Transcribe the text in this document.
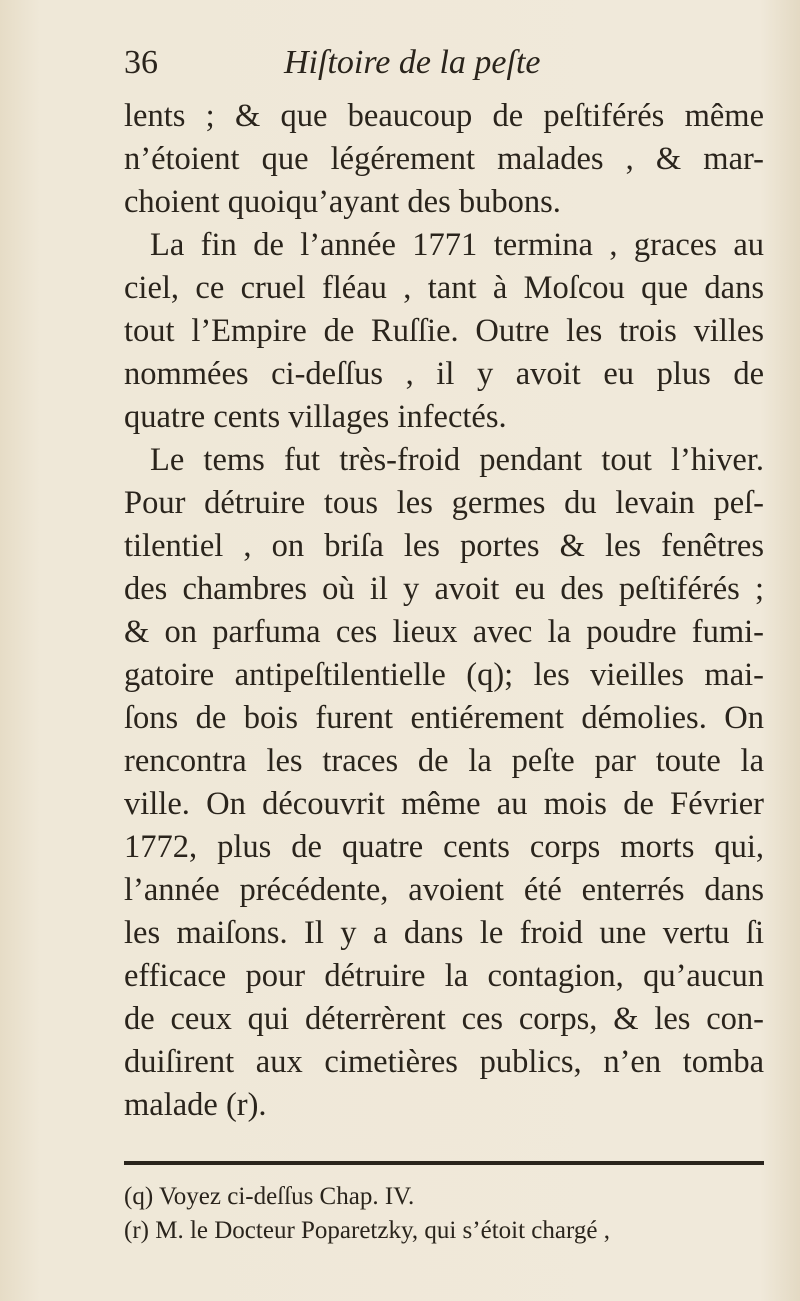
36	Hiſtoire de la peſte
lents ; & que beaucoup de peſtiférés même
n’étoient que légérement malades , & mar-
choient quoiqu’ayant des bubons.
La fin de l’année 1771 termina , graces au
ciel, ce cruel fléau , tant à Moſcou que dans
tout l’Empire de Ruſſie. Outre les trois villes
nommées ci-deſſus , il y avoit eu plus de
quatre cents villages infectés.
Le tems fut très-froid pendant tout l’hiver.
Pour détruire tous les germes du levain peſ-
tilentiel , on briſa les portes & les fenêtres
des chambres où il y avoit eu des peſtiférés ;
& on parfuma ces lieux avec la poudre fumi-
gatoire antipeſtilentielle (q); les vieilles mai-
ſons de bois furent entiérement démolies. On
rencontra les traces de la peſte par toute la
ville. On découvrit même au mois de Février
1772, plus de quatre cents corps morts qui,
l’année précédente, avoient été enterrés dans
les maiſons. Il y a dans le froid une vertu ſi
efficace pour détruire la contagion, qu’aucun
de ceux qui déterrèrent ces corps, & les con-
duiſirent aux cimetières publics, n’en tomba
malade (r).
(q) Voyez ci-deſſus Chap. IV.
(r) M. le Docteur Poparetzky, qui s’étoit chargé ,
